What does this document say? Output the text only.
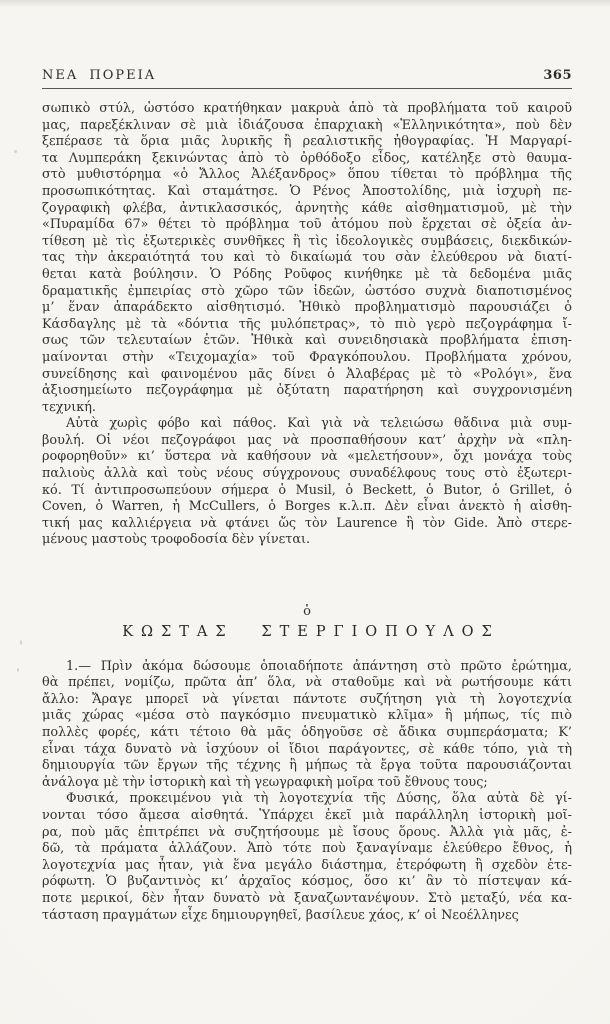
ΝΕΑ ΠΟΡΕΙΑ	365
σωπικὸ στύλ, ὡστόσο κρατήθηκαν μακρυὰ ἀπὸ τὰ προβλήματα τοῦ καιροῦ
μας, παρεξέκλιναν σὲ μιὰ ἰδιάζουσα ἐπαρχιακὴ «Ἑλληνικότητα», ποὺ δὲν
ξεπέρασε τὰ ὅρια μιᾶς λυρικῆς ἢ ρεαλιστικῆς ἠθογραφίας. Ἡ Μαργαρί-
τα Λυμπεράκη ξεκινώντας ἀπὸ τὸ ὀρθόδοξο εἶδος, κατέληξε στὸ θαυμα-
στὸ μυθιστόρημα «ὁ Ἄλλος Ἀλέξανδρος» ὅπου τίθεται τὸ πρόβλημα τῆς
προσωπικότητας. Καὶ σταμάτησε. Ὁ Ρένος Ἀποστολίδης, μιὰ ἰσχυρὴ πε-
ζογραφικὴ φλέβα, ἀντικλασσικός, ἀρνητὴς κάθε αἰσθηματισμοῦ, μὲ τὴν
«Πυραμίδα 67» θέτει τὸ πρόβλημα τοῦ ἀτόμου ποὺ ἔρχεται σὲ ὀξεία ἀν-
τίθεση μὲ τὶς ἐξωτερικὲς συνθῆκες ἢ τὶς ἰδεολογικὲς συμβάσεις, διεκδικών-
τας τὴν ἀκεραιότητά του καὶ τὸ δικαίωμά του σὰν ἐλεύθερου νὰ διατί-
θεται κατὰ βούλησιν. Ὁ Ρόδης Ροῦφος κινήθηκε μὲ τὰ δεδομένα μιᾶς
δραματικῆς ἐμπειρίας στὸ χῶρο τῶν ἰδεῶν, ὡστόσο συχνὰ διαποτισμένος
μ’ ἕναν ἀπαράδεκτο αἰσθητισμό. Ἠθικὸ προβληματισμὸ παρουσιάζει ὁ
Κάσδαγλης μὲ τὰ «δόντια τῆς μυλόπετρας», τὸ πιὸ γερὸ πεζογράφημα ἴ-
σως τῶν τελευταίων ἐτῶν. Ἠθικὰ καὶ συνειδησιακὰ προβλήματα ἐπιση-
μαίνονται στὴν «Τειχομαχία» τοῦ Φραγκόπουλου. Προβλήματα χρόνου,
συνείδησης καὶ φαινομένου μᾶς δίνει ὁ Ἀλαβέρας μὲ τὸ «Ρολόγι», ἕνα
ἀξιοσημείωτο πεζογράφημα μὲ ὀξύτατη παρατήρηση καὶ συγχρονισμένη
τεχνική.
Αὐτὰ χωρὶς φόβο καὶ πάθος. Καὶ γιὰ νὰ τελειώσω θἄδινα μιὰ συμ-
βουλή. Οἱ νέοι πεζογράφοι μας νὰ προσπαθήσουν κατ’ ἀρχὴν νὰ «πλη-
ροφορηθοῦν» κι’ ὕστερα νὰ καθήσουν νὰ «μελετήσουν», ὄχι μονάχα τοὺς
παλιοὺς ἀλλὰ καὶ τοὺς νέους σύγχρονους συναδέλφους τους στὸ ἐξωτερι-
κό. Τί ἀντιπροσωπεύουν σήμερα ὁ Musil, ὁ Beckett, ὁ Butor, ὁ Grillet, ὁ
Coven, ὁ Warren, ἡ McCullers, ὁ Borges κ.λ.π. Δὲν εἶναι ἀνεκτὸ ἡ αἰσθη-
τική μας καλλιέργεια νὰ φτάνει ὥς τὸν Laurence ἢ τὸν Gide. Ἀπὸ στερε-
μένους μαστοὺς τροφοδοσία δὲν γίνεται.
ὁ
ΚΩΣΤΑΣ ΣΤΕΡΓΙΟΠΟΥΛΟΣ
1.— Πρὶν ἀκόμα δώσουμε ὁποιαδήποτε ἀπάντηση στὸ πρῶτο ἐρώτημα,
θὰ πρέπει, νομίζω, πρῶτα ἀπ’ ὅλα, νὰ σταθοῦμε καὶ νὰ ρωτήσουμε κάτι
ἄλλο: Ἄραγε μπορεῖ νὰ γίνεται πάντοτε συζήτηση γιὰ τὴ λογοτεχνία
μιᾶς χώρας «μέσα στὸ παγκόσμιο πνευματικὸ κλῖμα» ἢ μήπως, τίς πιὸ
πολλὲς φορές, κάτι τέτοιο θὰ μᾶς ὁδηγοῦσε σὲ ἄδικα συμπεράσματα; Κ’
εἶναι τάχα δυνατὸ νὰ ἰσχύουν οἱ ἴδιοι παράγοντες, σὲ κάθε τόπο, γιὰ τὴ
δημιουργία τῶν ἔργων τῆς τέχνης ἢ μήπως τὰ ἔργα τοῦτα παρουσιάζονται
ἀνάλογα μὲ τὴν ἱστορικὴ καὶ τὴ γεωγραφικὴ μοῖρα τοῦ ἔθνους τους;
Φυσικά, προκειμένου γιὰ τὴ λογοτεχνία τῆς Δύσης, ὅλα αὐτὰ δὲ γί-
νονται τόσο ἄμεσα αἰσθητά. Ὑπάρχει ἐκεῖ μιὰ παράλληλη ἱστορικὴ μοῖ-
ρα, ποὺ μᾶς ἐπιτρέπει νὰ συζητήσουμε μὲ ἴσους ὅρους. Ἀλλὰ γιὰ μᾶς, ἐ-
δῶ, τὰ πράματα ἀλλάζουν. Ἀπὸ τότε ποὺ ξαναγίναμε ἐλεύθερο ἔθνος, ἡ
λογοτεχνία μας ἦταν, γιὰ ἕνα μεγάλο διάστημα, ἑτερόφωτη ἢ σχεδὸν ἑτε-
ρόφωτη. Ὁ βυζαντινὸς κι’ ἀρχαῖος κόσμος, ὅσο κι’ ἂν τὸ πίστεψαν κά-
ποτε μερικοί, δὲν ἦταν δυνατὸ νὰ ξαναζωντανέψουν. Στὸ μεταξύ, νέα κα-
τάσταση πραγμάτων εἶχε δημιουργηθεῖ, βασίλευε χάος, κ’ οἱ Νεοέλληνες
